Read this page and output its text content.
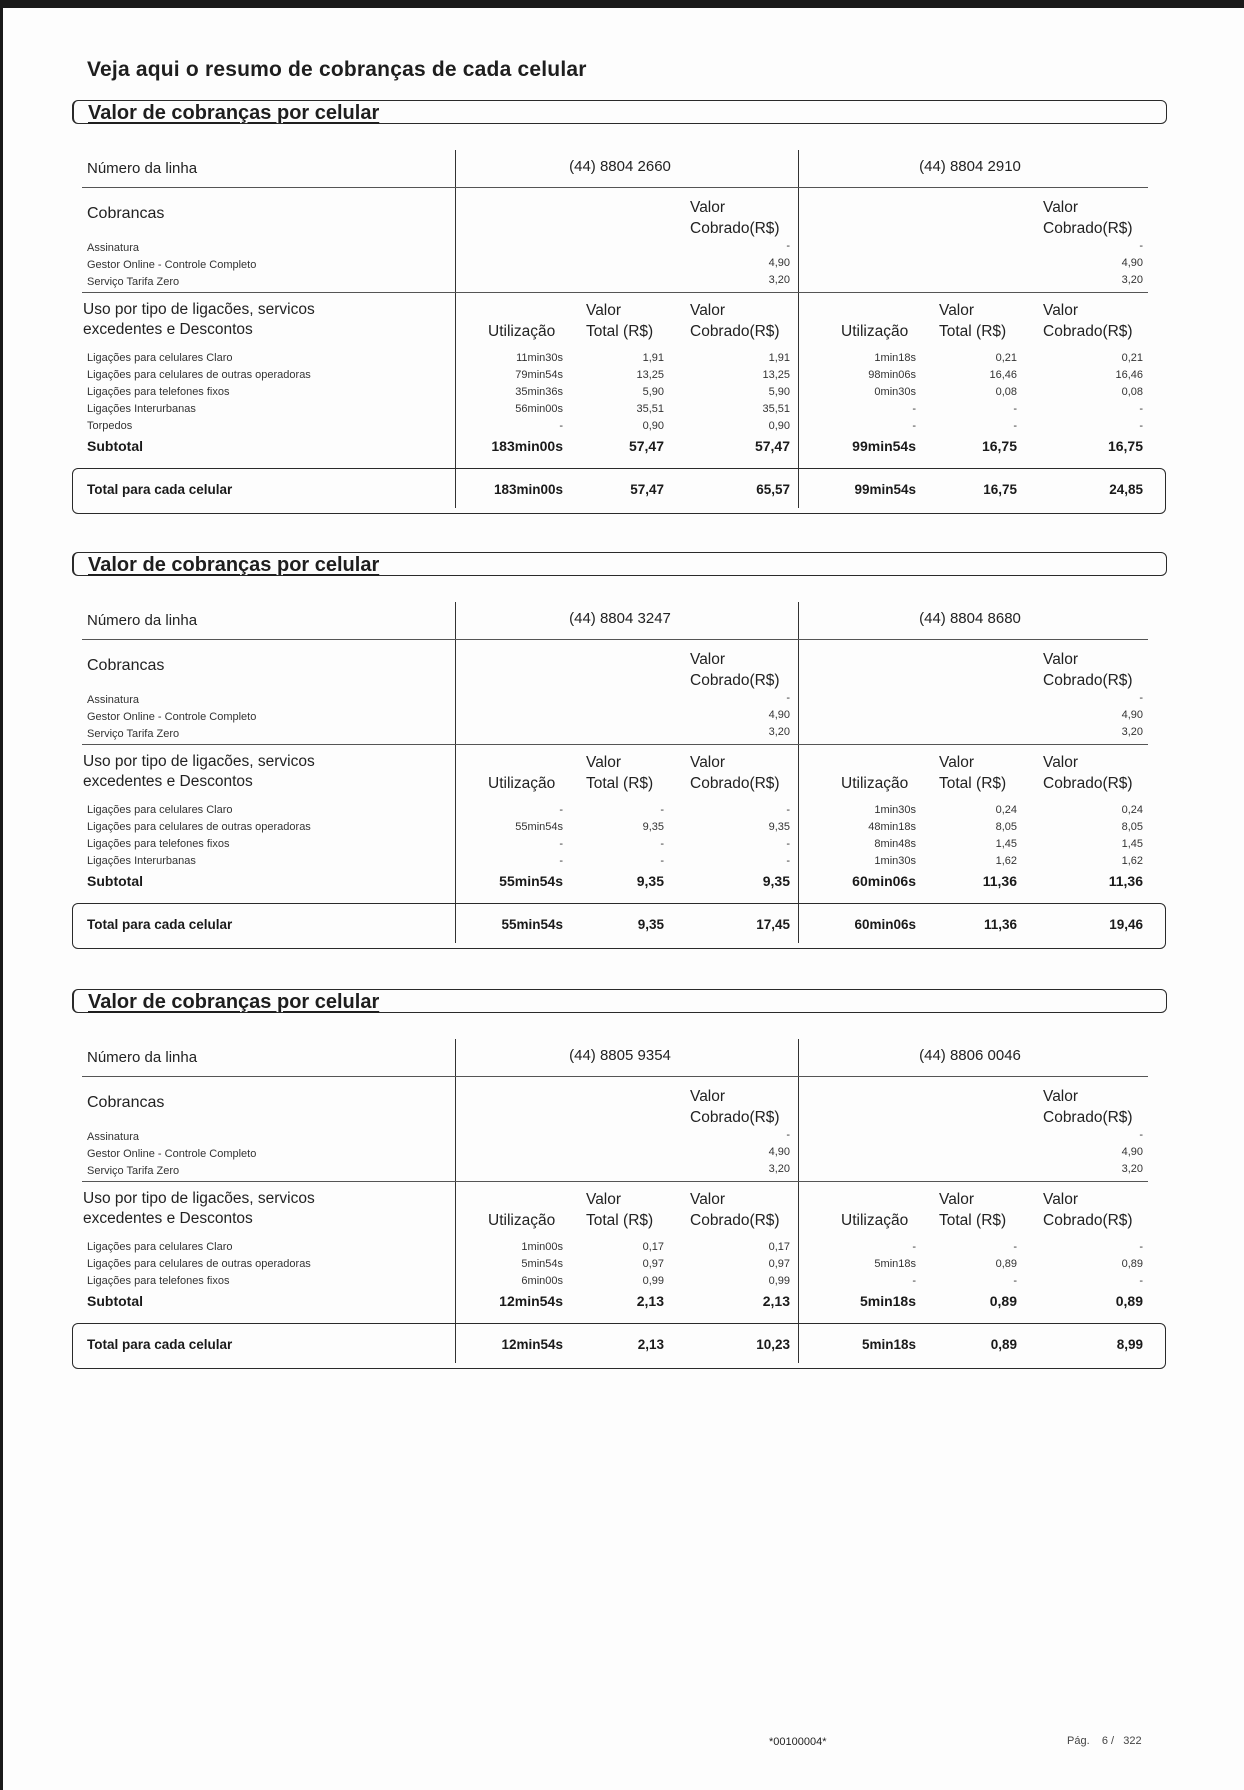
Veja aqui o resumo de cobranças de cada celular
Valor de cobranças por celular
Número da linha
Cobrancas
Assinatura
Gestor Online - Controle Completo
Serviço Tarifa Zero
Uso por tipo de ligacões, servicos
excedentes e Descontos
Ligações para celulares Claro
Ligações para celulares de outras operadoras
Ligações para telefones fixos
Ligações Interurbanas
Torpedos
Subtotal
Total para cada celular
(44) 8804 2660
Valor
Cobrado(R$)
-
4,90
3,20
Utilização
Valor
Total (R$)
Valor
Cobrado(R$)
11min30s
79min54s
35min36s
56min00s
-
183min00s
183min00s
1,91
13,25
5,90
35,51
0,90
57,47
57,47
1,91
13,25
5,90
35,51
0,90
57,47
65,57
(44) 8804 2910
Valor
Cobrado(R$)
-
4,90
3,20
Utilização
Valor
Total (R$)
Valor
Cobrado(R$)
1min18s
98min06s
0min30s
-
-
99min54s
99min54s
0,21
16,46
0,08
-
-
16,75
16,75
0,21
16,46
0,08
-
-
16,75
24,85
Valor de cobranças por celular
Número da linha
Cobrancas
Assinatura
Gestor Online - Controle Completo
Serviço Tarifa Zero
Uso por tipo de ligacões, servicos
excedentes e Descontos
Ligações para celulares Claro
Ligações para celulares de outras operadoras
Ligações para telefones fixos
Ligações Interurbanas
Subtotal
Total para cada celular
(44) 8804 3247
Valor
Cobrado(R$)
-
4,90
3,20
Utilização
Valor
Total (R$)
Valor
Cobrado(R$)
-
55min54s
-
-
55min54s
55min54s
-
9,35
-
-
9,35
9,35
-
9,35
-
-
9,35
17,45
(44) 8804 8680
Valor
Cobrado(R$)
-
4,90
3,20
Utilização
Valor
Total (R$)
Valor
Cobrado(R$)
1min30s
48min18s
8min48s
1min30s
60min06s
60min06s
0,24
8,05
1,45
1,62
11,36
11,36
0,24
8,05
1,45
1,62
11,36
19,46
Valor de cobranças por celular
Número da linha
Cobrancas
Assinatura
Gestor Online - Controle Completo
Serviço Tarifa Zero
Uso por tipo de ligacões, servicos
excedentes e Descontos
Ligações para celulares Claro
Ligações para celulares de outras operadoras
Ligações para telefones fixos
Subtotal
Total para cada celular
(44) 8805 9354
Valor
Cobrado(R$)
-
4,90
3,20
Utilização
Valor
Total (R$)
Valor
Cobrado(R$)
1min00s
5min54s
6min00s
12min54s
12min54s
0,17
0,97
0,99
2,13
2,13
0,17
0,97
0,99
2,13
10,23
(44) 8806 0046
Valor
Cobrado(R$)
-
4,90
3,20
Utilização
Valor
Total (R$)
Valor
Cobrado(R$)
-
5min18s
-
5min18s
5min18s
-
0,89
-
0,89
0,89
-
0,89
-
0,89
8,99
*00100004*	Pág. 6 / 322
